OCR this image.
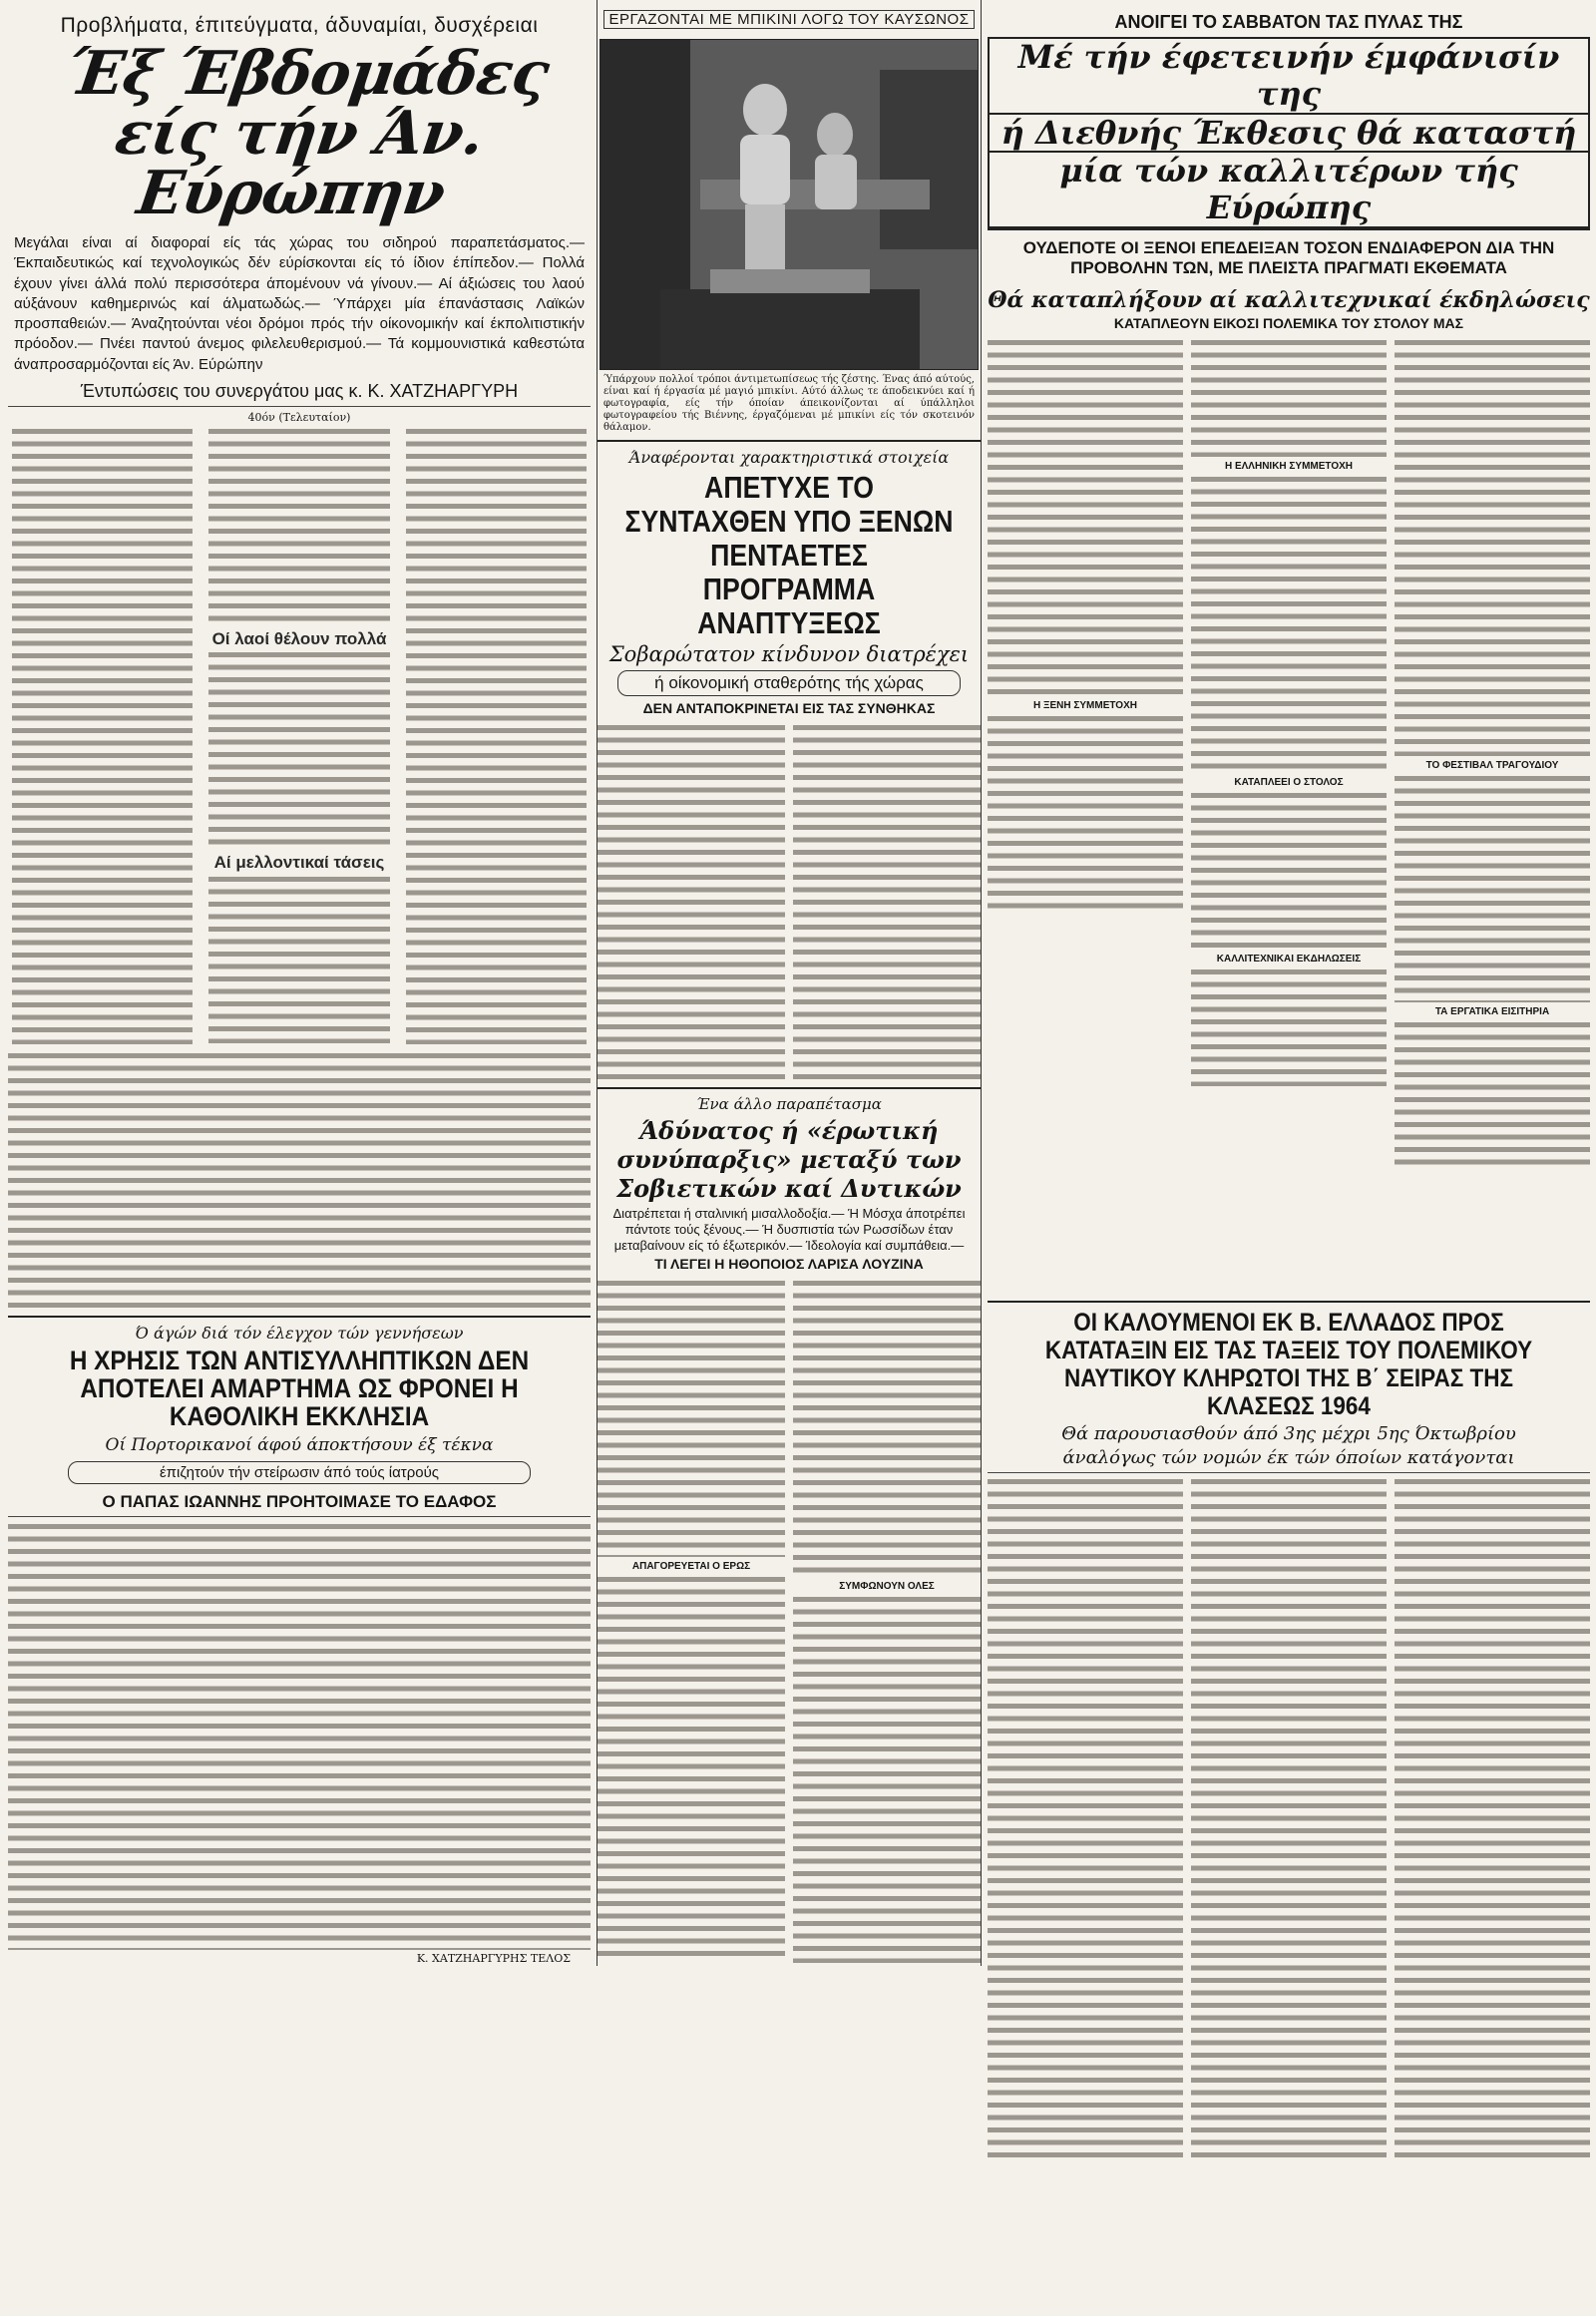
Προβλήματα, έπιτεύγματα, άδυναμίαι, δυσχέρειαι
Έξ Έβδομάδες είς τήν Άν. Εύρώπην
Μεγάλαι είναι αί διαφοραί είς τάς χώρας του σιδηρού παραπετάσματος.— Έκπαιδευτικώς καί τεχνολογικώς δέν εύρίσκονται είς τό ίδιον έπίπεδον.— Πολλά έχουν γίνει άλλά πολύ περισσότερα άπομένουν νά γίνουν.— Αί άξιώσεις του λαού αύξάνουν καθημερινώς καί άλματωδώς.— Ύπάρχει μία έπανάστασις Λαϊκών προσπαθειών.— Άναζητούνται νέοι δρόμοι πρός τήν οίκονομικήν καί έκπολιτιστικήν πρόοδον.— Πνέει παντού άνεμος φιλελευθερισμού.— Τά κομμουνιστικά καθεστώτα άναπροσαρμόζονται είς Άν. Εύρώπην
Έντυπώσεις του συνεργάτου μας κ. Κ. ΧΑΤΖΗΑΡΓΥΡΗ
40όν (Τελευταίον)
Οί λαοί θέλουν πολλά
Αί μελλοντικαί τάσεις
Ό άγών διά τόν έλεγχον τών γεννήσεων
Η ΧΡΗΣΙΣ ΤΩΝ ΑΝΤΙΣΥΛΛΗΠΤΙΚΩΝ ΔΕΝ ΑΠΟΤΕΛΕΙ ΑΜΑΡΤΗΜΑ ΩΣ ΦΡΟΝΕΙ Η ΚΑΘΟΛΙΚΗ ΕΚΚΛΗΣΙΑ
Οί Πορτορικανοί άφού άποκτήσουν έξ τέκνα
έπιζητούν τήν στείρωσιν άπό τούς ίατρούς
Ο ΠΑΠΑΣ ΙΩΑΝΝΗΣ ΠΡΟΗΤΟΙΜΑΣΕ ΤΟ ΕΔΑΦΟΣ
Κ. ΧΑΤΖΗΑΡΓΥΡΗΣ ΤΕΛΟΣ
ΕΡΓΑΖΟΝΤΑΙ ΜΕ ΜΠΙΚΙΝΙ ΛΟΓΩ ΤΟΥ ΚΑΥΣΩΝΟΣ
Ύπάρχουν πολλοί τρόποι άντιμετωπίσεως τής ζέστης. Ένας άπό αύτούς, είναι καί ή έργασία μέ μαγιό μπικίνι. Αύτό άλλως τε άποδεικνύει καί ή φωτογραφία, είς τήν όποίαν άπεικονίζονται αί ύπάλληλοι φωτογραφείου τής Βιέννης, έργαζόμεναι μέ μπικίνι είς τόν σκοτεινόν θάλαμον.
Άναφέρονται χαρακτηριστικά στοιχεία
ΑΠΕΤΥΧΕ ΤΟ ΣΥΝΤΑΧΘΕΝ ΥΠΟ ΞΕΝΩΝ ΠΕΝΤΑΕΤΕΣ ΠΡΟΓΡΑΜΜΑ ΑΝΑΠΤΥΞΕΩΣ
Σοβαρώτατον κίνδυνον διατρέχει
ή οίκονομική σταθερότης τής χώρας
ΔΕΝ ΑΝΤΑΠΟΚΡΙΝΕΤΑΙ ΕΙΣ ΤΑΣ ΣΥΝΘΗΚΑΣ
Ένα άλλο παραπέτασμα
Άδύνατος ή «έρωτική συνύπαρξις» μεταξύ των Σοβιετικών καί Δυτικών
Διατρέπεται ή σταλινική μισαλλοδοξία.— Ή Μόσχα άποτρέπει πάντοτε τούς ξένους.— Ή δυσπιστία τών Ρωσσίδων έταν μεταβαίνουν είς τό έξωτερικόν.— Ίδεολογία καί συμπάθεια.—
ΤΙ ΛΕΓΕΙ Η ΗΘΟΠΟΙΟΣ ΛΑΡΙΣΑ ΛΟΥΖΙΝΑ
ΑΠΑΓΟΡΕΥΕΤΑΙ Ο ΕΡΩΣ
ΣΥΜΦΩΝΟΥΝ ΟΛΕΣ
ΑΝΟΙΓΕΙ ΤΟ ΣΑΒΒΑΤΟΝ ΤΑΣ ΠΥΛΑΣ ΤΗΣ
Μέ τήν έφετεινήν έμφάνισίν της
ή Διεθνής Έκθεσις θά καταστή
μία τών καλλιτέρων τής Εύρώπης
ΟΥΔΕΠΟΤΕ ΟΙ ΞΕΝΟΙ ΕΠΕΔΕΙΞΑΝ ΤΟΣΟΝ ΕΝΔΙΑΦΕΡΟΝ ΔΙΑ ΤΗΝ ΠΡΟΒΟΛΗΝ ΤΩΝ, ΜΕ ΠΛΕΙΣΤΑ ΠΡΑΓΜΑΤΙ ΕΚΘΕΜΑΤΑ
Θά καταπλήξουν αί καλλιτεχνικαί έκδηλώσεις
ΚΑΤΑΠΛΕΟΥΝ ΕΙΚΟΣΙ ΠΟΛΕΜΙΚΑ ΤΟΥ ΣΤΟΛΟΥ ΜΑΣ
Η ΞΕΝΗ ΣΥΜΜΕΤΟΧΗ
Η ΕΛΛΗΝΙΚΗ ΣΥΜΜΕΤΟΧΗ
ΚΑΤΑΠΛΕΕΙ Ο ΣΤΟΛΟΣ
ΚΑΛΛΙΤΕΧΝΙΚΑΙ ΕΚΔΗΛΩΣΕΙΣ
ΤΟ ΦΕΣΤΙΒΑΛ ΤΡΑΓΟΥΔΙΟΥ
ΤΑ ΕΡΓΑΤΙΚΑ ΕΙΣΙΤΗΡΙΑ
ΟΙ ΚΑΛΟΥΜΕΝΟΙ ΕΚ Β. ΕΛΛΑΔΟΣ ΠΡΟΣ ΚΑΤΑΤΑΞΙΝ ΕΙΣ ΤΑΣ ΤΑΞΕΙΣ ΤΟΥ ΠΟΛΕΜΙΚΟΥ ΝΑΥΤΙΚΟΥ ΚΛΗΡΩΤΟΙ ΤΗΣ Β΄ ΣΕΙΡΑΣ ΤΗΣ ΚΛΑΣΕΩΣ 1964
Θά παρουσιασθούν άπό 3ης μέχρι 5ης Όκτωβρίου
άναλόγως τών νομών έκ τών όποίων κατάγονται
